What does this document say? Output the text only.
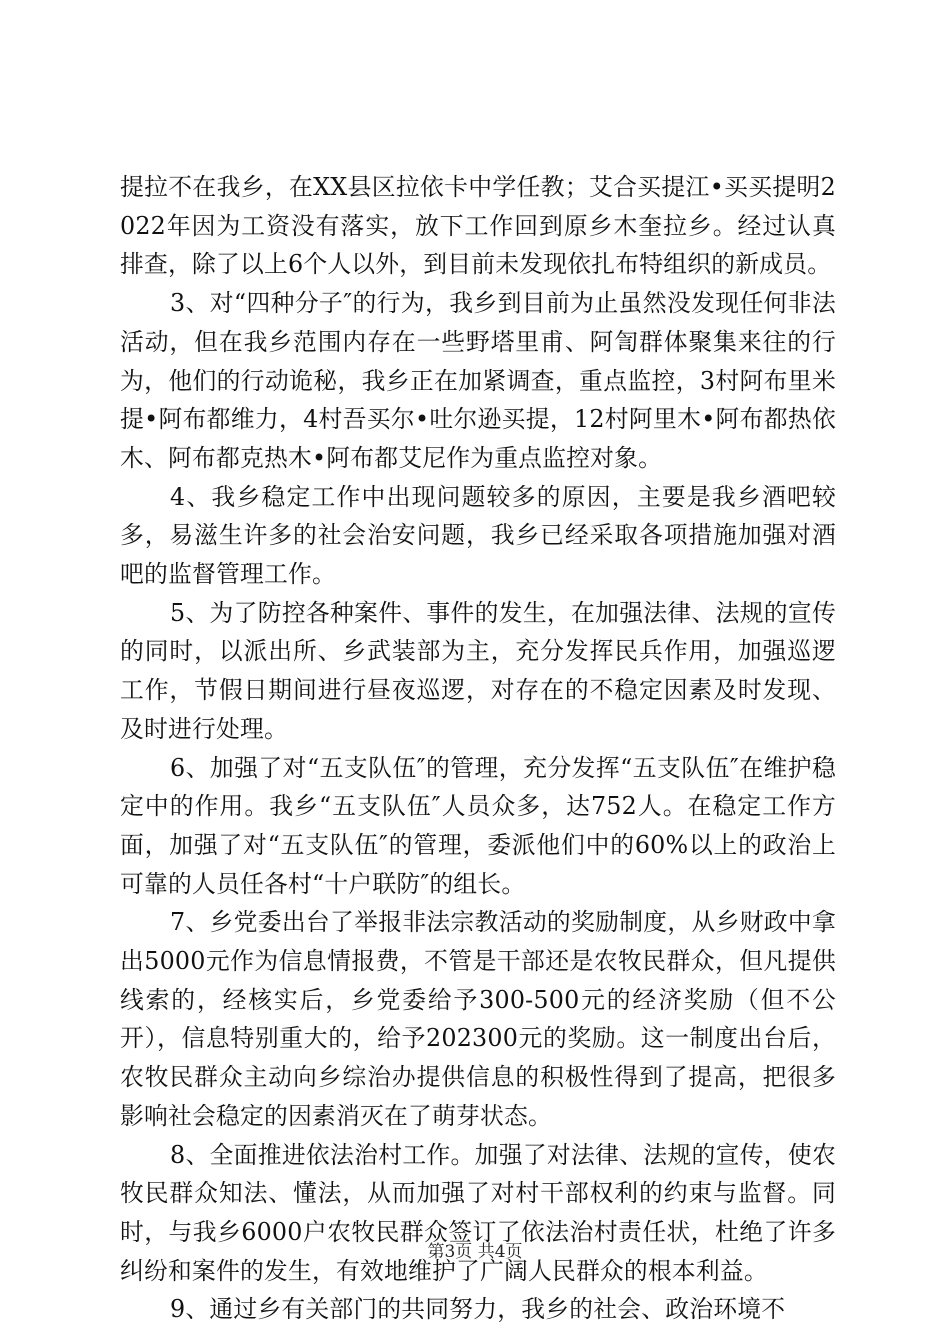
提拉不在我乡，在XX县区拉依卡中学任教；艾合买提江•买买提明2022年因为工资没有落实，放下工作回到原乡木奎拉乡。经过认真排查，除了以上6个人以外，到目前未发现依扎布特组织的新成员。

3、对“四种分子″的行为，我乡到目前为止虽然没发现任何非法活动，但在我乡范围内存在一些野塔里甫、阿訇群体聚集来往的行为，他们的行动诡秘，我乡正在加紧调查，重点监控，3村阿布里米提•阿布都维力，4村吾买尔•吐尔逊买提，12村阿里木•阿布都热依木、阿布都克热木•阿布都艾尼作为重点监控对象。

4、我乡稳定工作中出现问题较多的原因，主要是我乡酒吧较多，易滋生许多的社会治安问题，我乡已经采取各项措施加强对酒吧的监督管理工作。

5、为了防控各种案件、事件的发生，在加强法律、法规的宣传的同时，以派出所、乡武装部为主，充分发挥民兵作用，加强巡逻工作，节假日期间进行昼夜巡逻，对存在的不稳定因素及时发现、及时进行处理。

6、加强了对“五支队伍″的管理，充分发挥“五支队伍″在维护稳定中的作用。我乡“五支队伍″人员众多，达752人。在稳定工作方面，加强了对“五支队伍″的管理，委派他们中的60%以上的政治上可靠的人员任各村“十户联防″的组长。

7、乡党委出台了举报非法宗教活动的奖励制度，从乡财政中拿出5000元作为信息情报费，不管是干部还是农牧民群众，但凡提供线索的，经核实后，乡党委给予300-500元的经济奖励（但不公开），信息特别重大的，给予202300元的奖励。这一制度出台后，农牧民群众主动向乡综治办提供信息的积极性得到了提高，把很多影响社会稳定的因素消灭在了萌芽状态。

8、全面推进依法治村工作。加强了对法律、法规的宣传，使农牧民群众知法、懂法，从而加强了对村干部权利的约束与监督。同时，与我乡6000户农牧民群众签订了依法治村责任状，杜绝了许多纠纷和案件的发生，有效地维护了广阔人民群众的根本利益。

9、通过乡有关部门的共同努力，我乡的社会、政治环境不

第3页 共4页
